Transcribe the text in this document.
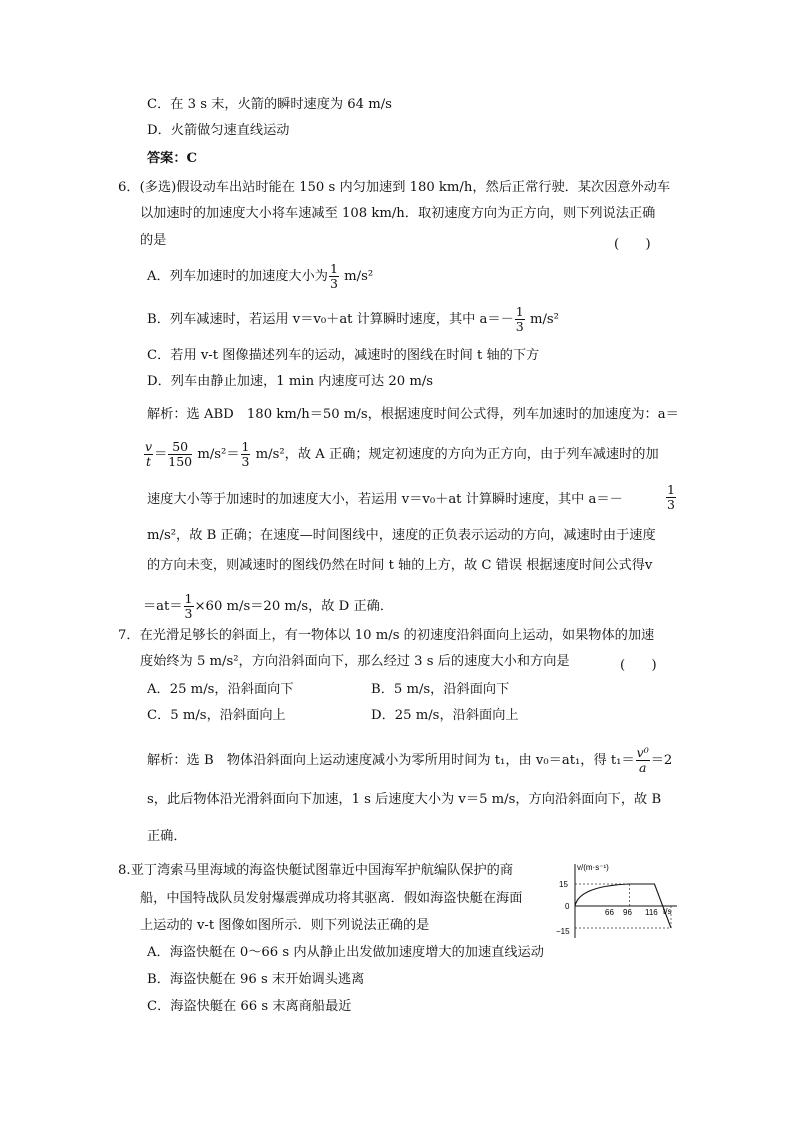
C．在 3 s 末，火箭的瞬时速度为 64 m/s
D．火箭做匀速直线运动
答案：C
6．(多选)假设动车出站时能在 150 s 内匀加速到 180 km/h，然后正常行驶．某次因意外动车
以加速时的加速度大小将车速减至 108 km/h．取初速度方向为正方向，则下列说法正确
的是	(　　)
A．列车加速时的加速度大小为 $\frac{1}{3} m/s^2$
B．列车减速时，若运用 v＝v₀＋at 计算瞬时速度，其中 $a=- \frac{1}{3} m/s^2$
C．若用 v-t 图像描述列车的运动，减速时的图线在时间 t 轴的下方
D．列车由静止加速，1 min 内速度可达 20 m/s
解析：选 ABD　180 km/h＝50 m/s，根据速度时间公式得，列车加速时的加速度为：a＝
$\frac{v}{t} = \frac{50}{150} m/s^2= \frac{1}{3} m/s^2$，故 A 正确；规定初速度的方向为正方向，由于列车减速时的加
速度大小等于加速时的加速度大小，若运用 v＝v₀＋at 计算瞬时速度，其中 a＝－	$\frac{1}{3}$
m/s²，故 B 正确；在速度—时间图线中，速度的正负表示运动的方向，减速时由于速度
的方向未变，则减速时的图线仍然在时间 t 轴的上方，故 C 错误 根据速度时间公式得v
$=at= \frac{1}{3} \times 60$ m/s＝20 m/s，故 D 正确．
7．在光滑足够长的斜面上，有一物体以 10 m/s 的初速度沿斜面向上运动，如果物体的加速
度始终为 5 m/s²，方向沿斜面向下，那么经过 3 s 后的速度大小和方向是	(　　)
A．25 m/s，沿斜面向下	B．5 m/s，沿斜面向下
C．5 m/s，沿斜面向上	D．25 m/s，沿斜面向上
解析：选 B　物体沿斜面向上运动速度减小为零所用时间为 t₁，由 v₀＝at₁，得 $t_1= \frac{\text{v⁰}}{a} =2$
s，此后物体沿光滑斜面向下加速，1 s 后速度大小为 v＝5 m/s，方向沿斜面向下，故 B
正确．
8.亚丁湾索马里海域的海盗快艇试图靠近中国海军护航编队保护的商
船，中国特战队员发射爆震弹成功将其驱离．假如海盗快艇在海面
上运动的 v-t 图像如图所示．则下列说法正确的是
A．海盗快艇在 0～66 s 内从静止出发做加速度增大的加速直线运动
B．海盗快艇在 96 s 末开始调头逃离
C．海盗快艇在 66 s 末离商船最近
v/(m·s⁻¹)
t/s
15
0
−15
66 96 116
